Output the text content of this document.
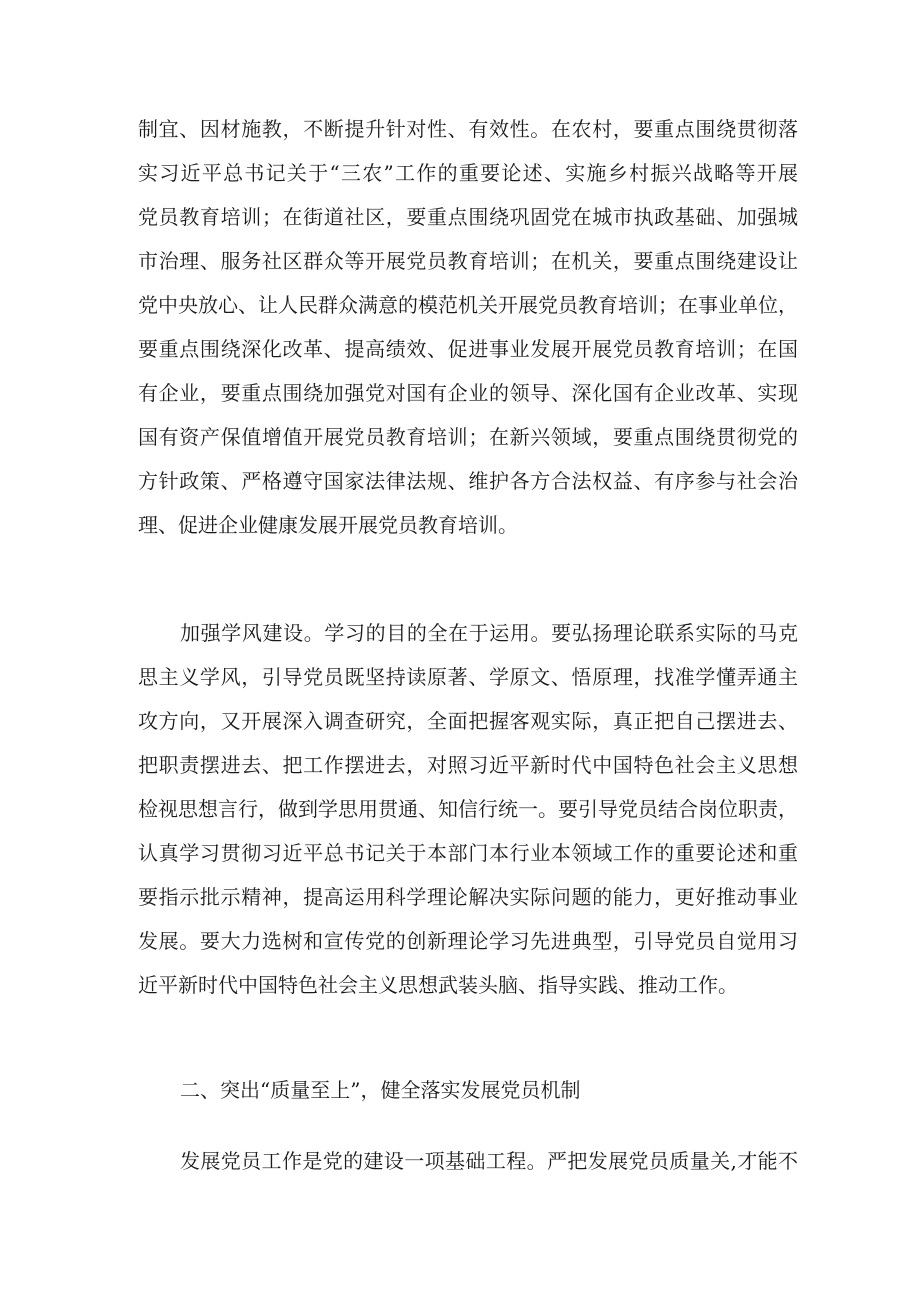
制宜、因材施教，不断提升针对性、有效性。在农村，要重点围绕贯彻落
实习近平总书记关于“三农”工作的重要论述、实施乡村振兴战略等开展
党员教育培训；在街道社区，要重点围绕巩固党在城市执政基础、加强城
市治理、服务社区群众等开展党员教育培训；在机关，要重点围绕建设让
党中央放心、让人民群众满意的模范机关开展党员教育培训；在事业单位，
要重点围绕深化改革、提高绩效、促进事业发展开展党员教育培训；在国
有企业，要重点围绕加强党对国有企业的领导、深化国有企业改革、实现
国有资产保值增值开展党员教育培训；在新兴领域，要重点围绕贯彻党的
方针政策、严格遵守国家法律法规、维护各方合法权益、有序参与社会治
理、促进企业健康发展开展党员教育培训。
加强学风建设。学习的目的全在于运用。要弘扬理论联系实际的马克
思主义学风，引导党员既坚持读原著、学原文、悟原理，找准学懂弄通主
攻方向，又开展深入调查研究，全面把握客观实际，真正把自己摆进去、
把职责摆进去、把工作摆进去，对照习近平新时代中国特色社会主义思想
检视思想言行，做到学思用贯通、知信行统一。要引导党员结合岗位职责，
认真学习贯彻习近平总书记关于本部门本行业本领域工作的重要论述和重
要指示批示精神，提高运用科学理论解决实际问题的能力，更好推动事业
发展。要大力选树和宣传党的创新理论学习先进典型，引导党员自觉用习
近平新时代中国特色社会主义思想武装头脑、指导实践、推动工作。
二、突出“质量至上”，健全落实发展党员机制
发展党员工作是党的建设一项基础工程。严把发展党员质量关,才能不
